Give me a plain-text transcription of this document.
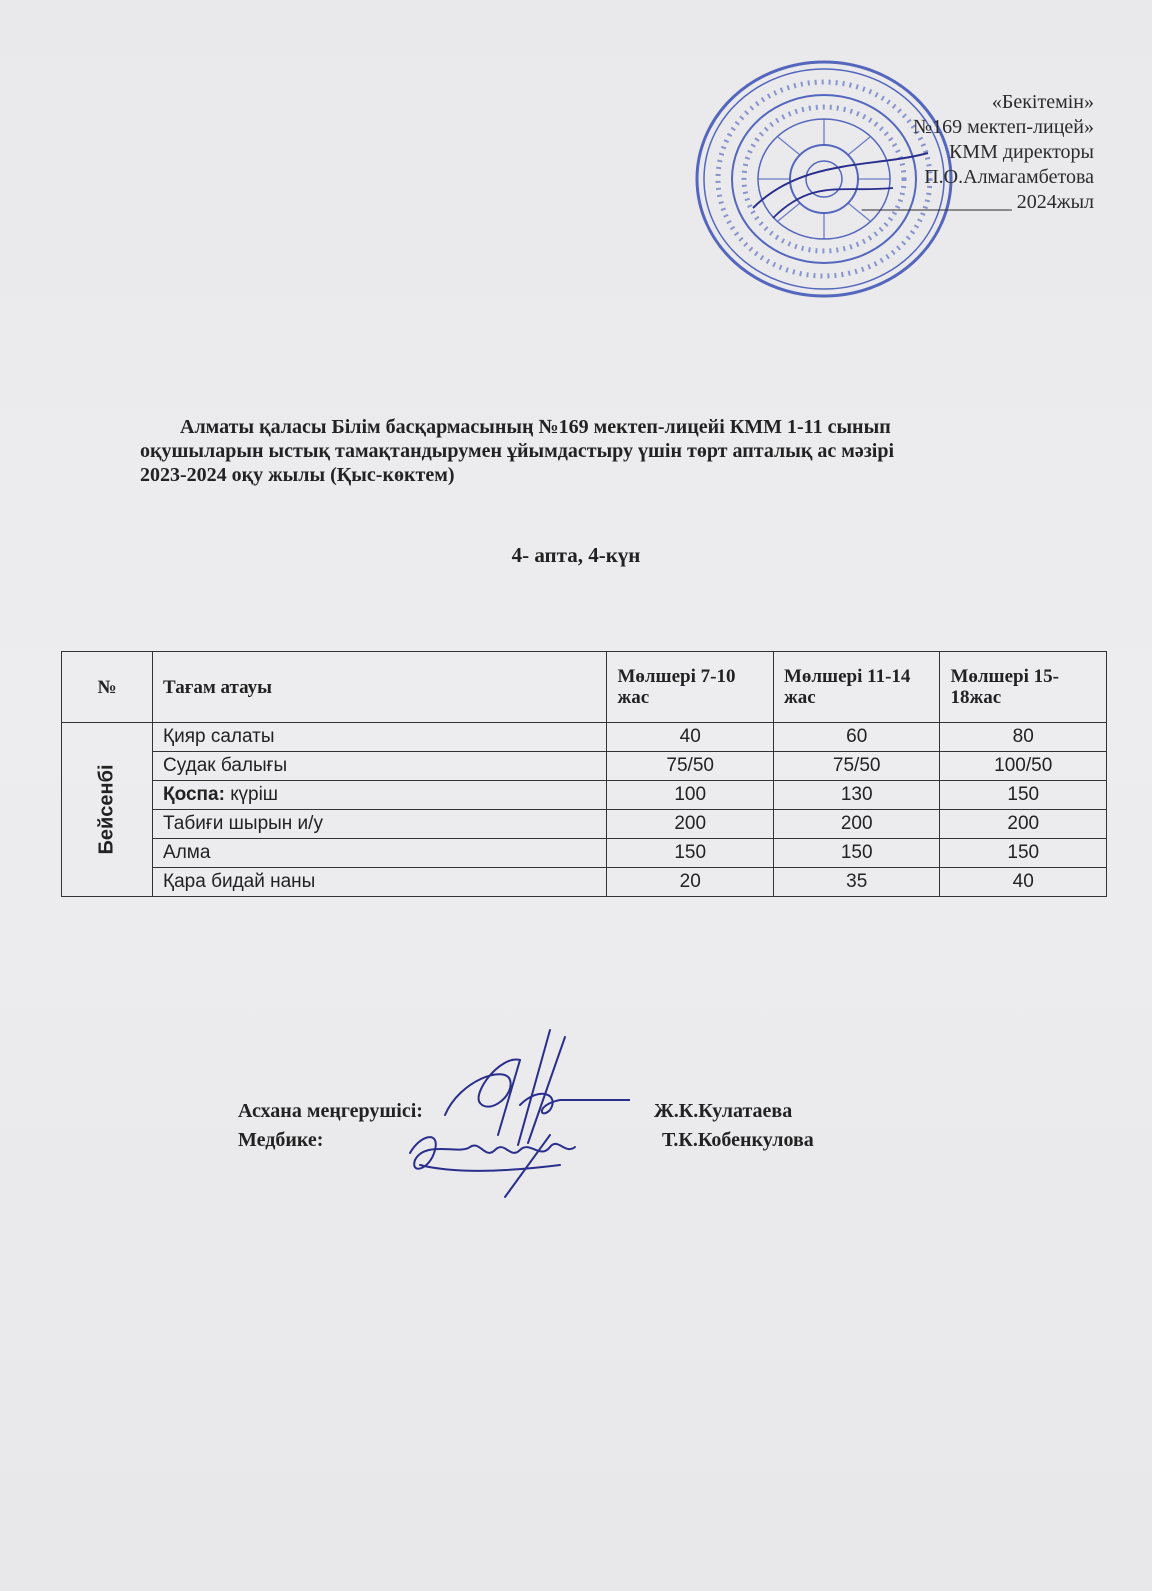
«Бекітемін»
№169 мектеп-лицей»
КММ директоры
П.О.Алмагамбетова
_______________ 2024жыл
Алматы қаласы Білім басқармасының №169 мектеп-лицейі КММ 1-11 сынып
оқушыларын ыстық тамақтандырумен ұйымдастыру үшін төрт апталық ас мәзірі
2023-2024 оқу жылы (Қыс-көктем)
4- апта, 4-күн
№	Тағам атауы	Мөлшері 7-10 жас	Мөлшері 11-14 жас	Мөлшері 15-18жас
Бейсенбі	Қияр салаты	40	60	80
	Судак балығы	75/50	75/50	100/50
	Қоспа: күріш	100	130	150
	Табиғи шырын и/у	200	200	200
	Алма	150	150	150
	Қара бидай наны	20	35	40
Асхана меңгерушісі:	Ж.К.Кулатаева
Медбике:	Т.К.Кобенкулова
